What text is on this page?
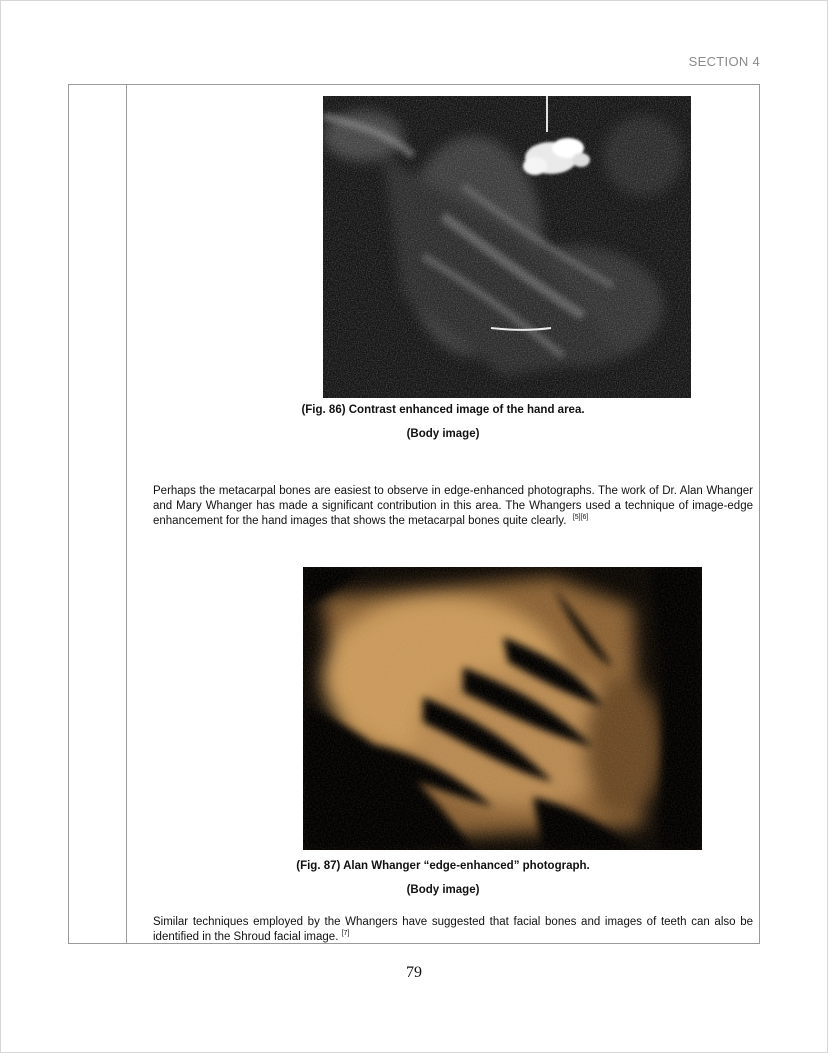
SECTION 4
(Fig. 86) Contrast enhanced image of the hand area.
(Body image)
Perhaps the metacarpal bones are easiest to observe in edge-enhanced photographs. The work of Dr. Alan Whanger and Mary Whanger has made a significant contribution in this area. The Whangers used a technique of image-edge enhancement for the hand images that shows the metacarpal bones quite clearly. [5][6]
(Fig. 87) Alan Whanger “edge-enhanced” photograph.
(Body image)
Similar techniques employed by the Whangers have suggested that facial bones and images of teeth can also be identified in the Shroud facial image. [7]
79
